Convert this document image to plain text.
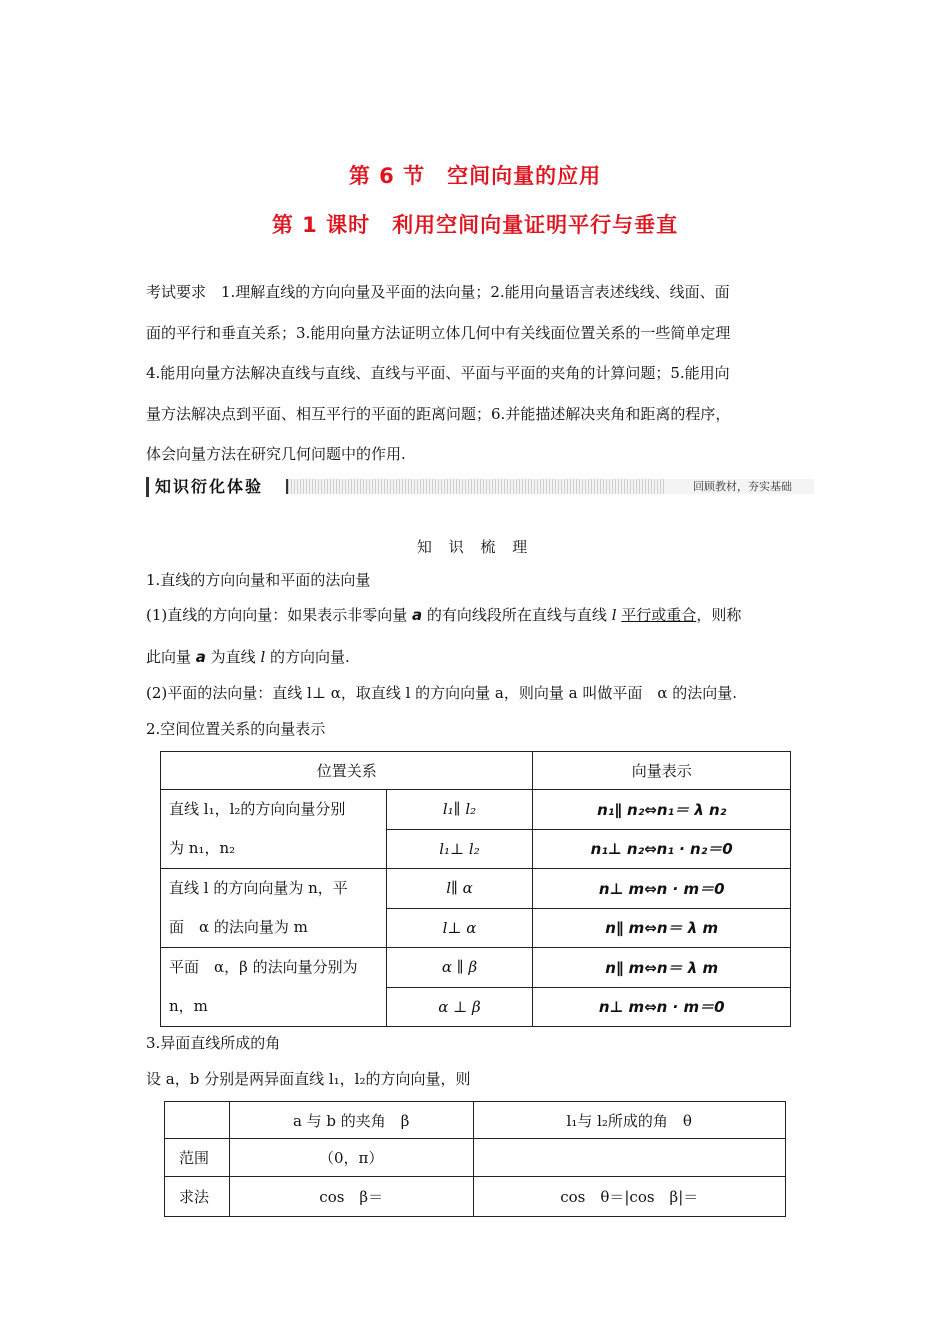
第 6 节　空间向量的应用
第 1 课时　利用空间向量证明平行与垂直

考试要求　1.理解直线的方向向量及平面的法向量；2.能用向量语言表述线线、线面、面

面的平行和垂直关系；3.能用向量方法证明立体几何中有关线面位置关系的一些简单定理

4.能用向量方法解决直线与直线、直线与平面、平面与平面的夹角的计算问题；5.能用向

量方法解决点到平面、相互平行的平面的距离问题；6.并能描述解决夹角和距离的程序，

体会向量方法在研究几何问题中的作用.

知识衍化体验	回顾教材，夯实基础
知 识 梳 理
1.直线的方向向量和平面的法向量
(1)直线的方向向量：如果表示非零向量 a 的有向线段所在直线与直线 l 平行或重合，则称
此向量 a 为直线 l 的方向向量.
(2)平面的法向量：直线 l⊥ α，取直线 l 的方向向量 a，则向量 a 叫做平面　α 的法向量.
2.空间位置关系的向量表示
位置关系		向量表示

直线 l₁，l₂的方向向量分别
为 n₁，n₂	l₁∥ l₂	n₁∥ n₂⇔n₁＝ λ n₂
	l₁⊥ l₂	n₁⊥ n₂⇔n₁ · n₂＝0

直线 l 的方向向量为 n，平
面　α 的法向量为 m	l∥ α	n⊥ m⇔n · m＝0
	l⊥ α	n∥ m⇔n＝ λ m

平面　α，β 的法向量分别为
n，m	α ∥ β	n∥ m⇔n＝ λ m
	α ⊥ β	n⊥ m⇔n · m＝0
3.异面直线所成的角
设 a，b 分别是两异面直线 l₁，l₂的方向向量，则
	a 与 b 的夹角　β	l₁与 l₂所成的角　θ
范围	（0，π）	
求法	cos　β＝	cos　θ＝|cos　β|＝
